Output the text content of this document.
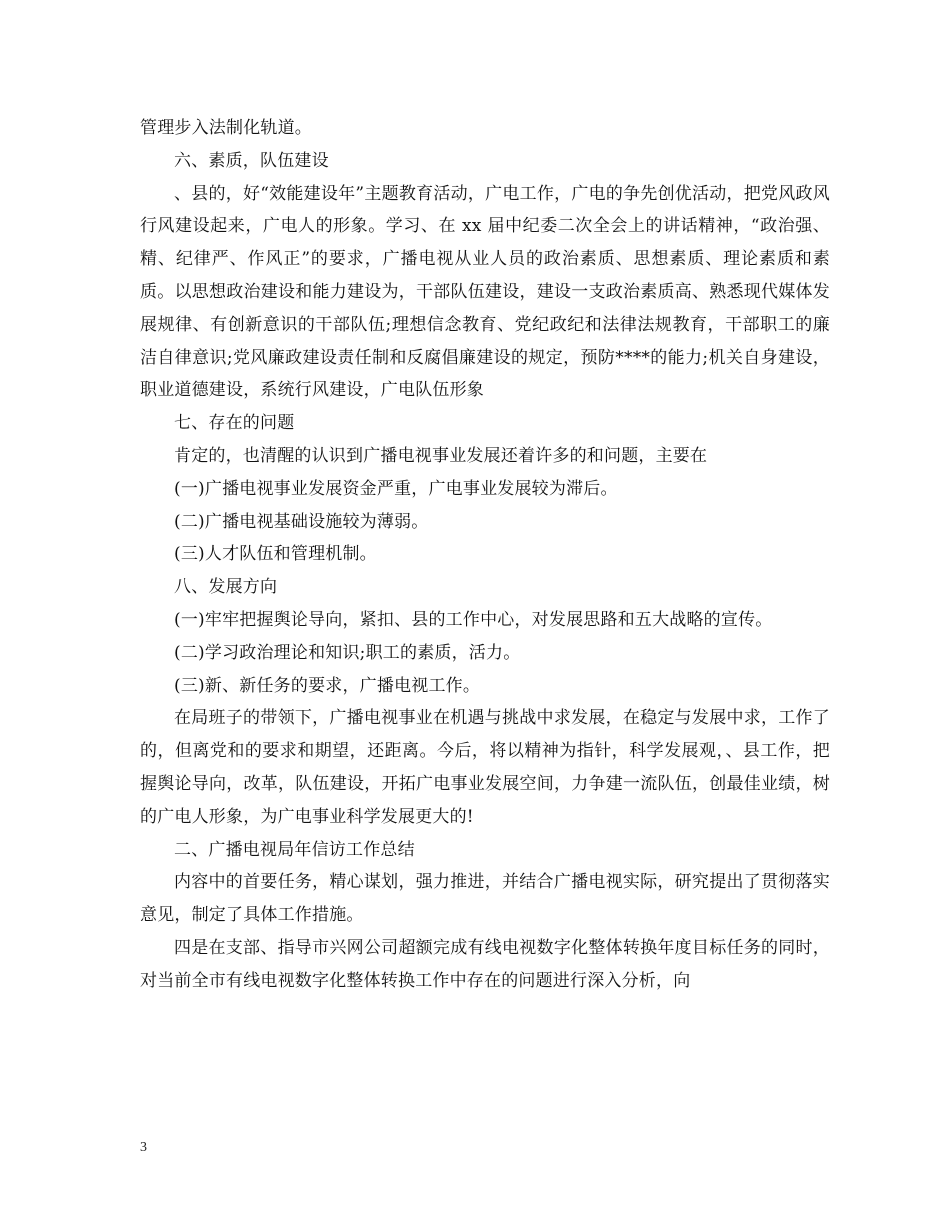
管理步入法制化轨道。

六、素质，队伍建设

、县的，好“效能建设年”主题教育活动，广电工作，广电的争先创优活动，把党风政风行风建设起来，广电人的形象。学习、在 xx 届中纪委二次全会上的讲话精神，“政治强、精、纪律严、作风正”的要求，广播电视从业人员的政治素质、思想素质、理论素质和素质。以思想政治建设和能力建设为，干部队伍建设，建设一支政治素质高、熟悉现代媒体发展规律、有创新意识的干部队伍;理想信念教育、党纪政纪和法律法规教育，干部职工的廉洁自律意识;党风廉政建设责任制和反腐倡廉建设的规定，预防****的能力;机关自身建设，职业道德建设，系统行风建设，广电队伍形象

七、存在的问题

肯定的，也清醒的认识到广播电视事业发展还着许多的和问题，主要在

(一)广播电视事业发展资金严重，广电事业发展较为滞后。

(二)广播电视基础设施较为薄弱。

(三)人才队伍和管理机制。

八、发展方向

(一)牢牢把握舆论导向，紧扣、县的工作中心，对发展思路和五大战略的宣传。

(二)学习政治理论和知识;职工的素质，活力。

(三)新、新任务的要求，广播电视工作。

在局班子的带领下，广播电视事业在机遇与挑战中求发展，在稳定与发展中求，工作了的，但离党和的要求和期望，还距离。今后，将以精神为指针，科学发展观，、县工作，把握舆论导向，改革，队伍建设，开拓广电事业发展空间，力争建一流队伍，创最佳业绩，树的广电人形象，为广电事业科学发展更大的!

二、广播电视局年信访工作总结

内容中的首要任务，精心谋划，强力推进，并结合广播电视实际，研究提出了贯彻落实意见，制定了具体工作措施。

四是在支部、指导市兴网公司超额完成有线电视数字化整体转换年度目标任务的同时，对当前全市有线电视数字化整体转换工作中存在的问题进行深入分析，向

3
